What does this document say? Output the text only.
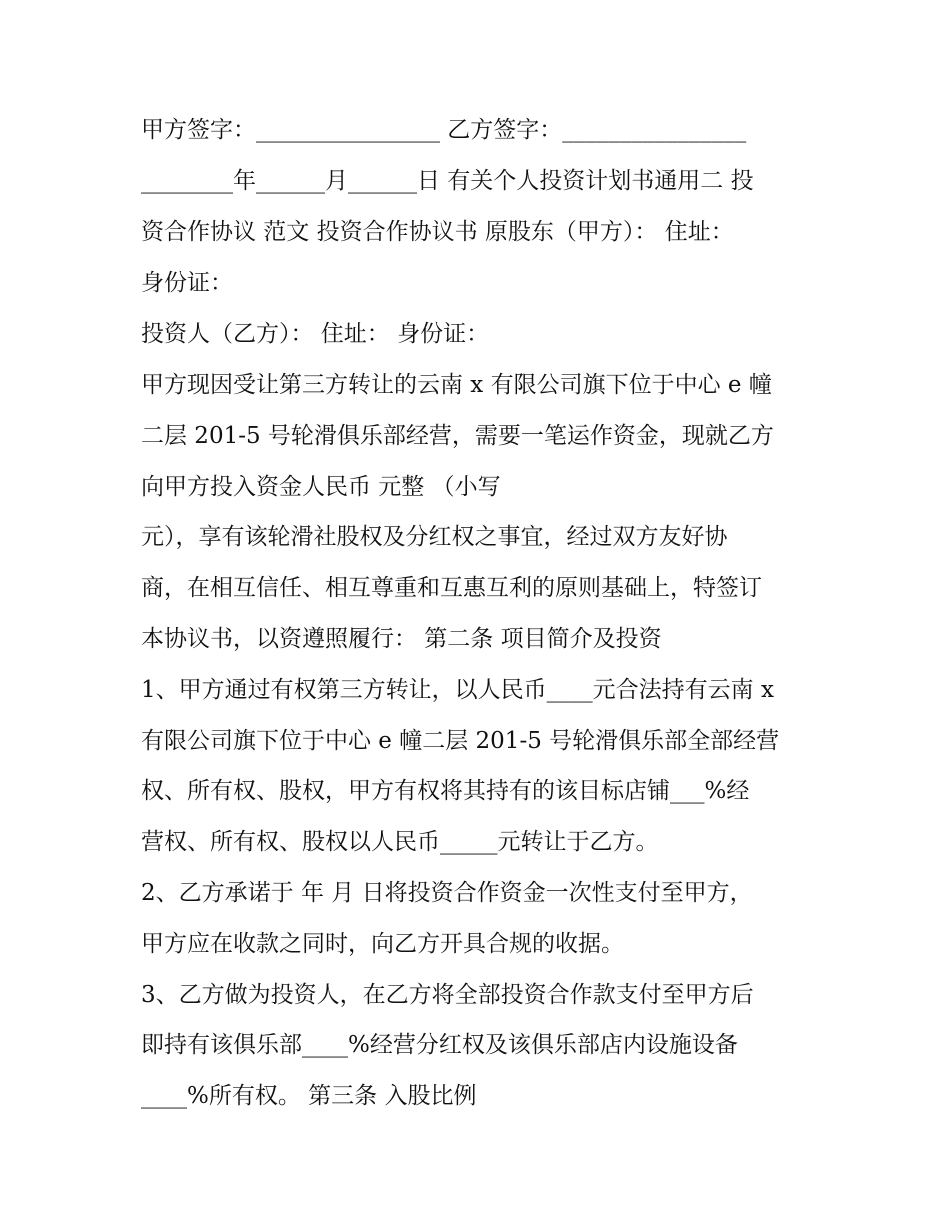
甲方签字：________________ 乙方签字：________________
________年______月______日 有关个人投资计划书通用二 投
资合作协议 范文 投资合作协议书 原股东（甲方）： 住址：
身份证：
投资人（乙方）： 住址： 身份证：
甲方现因受让第三方转让的云南 x 有限公司旗下位于中心 e 幢
二层 201-5 号轮滑俱乐部经营，需要一笔运作资金，现就乙方
向甲方投入资金人民币 元整 （小写
元），享有该轮滑社股权及分红权之事宜，经过双方友好协
商，在相互信任、相互尊重和互惠互利的原则基础上，特签订
本协议书，以资遵照履行： 第二条 项目简介及投资
1、甲方通过有权第三方转让，以人民币____元合法持有云南 x
有限公司旗下位于中心 e 幢二层 201-5 号轮滑俱乐部全部经营
权、所有权、股权，甲方有权将其持有的该目标店铺___%经
营权、所有权、股权以人民币_____元转让于乙方。
2、乙方承诺于 年 月 日将投资合作资金一次性支付至甲方，
甲方应在收款之同时，向乙方开具合规的收据。
3、乙方做为投资人，在乙方将全部投资合作款支付至甲方后
即持有该俱乐部____%经营分红权及该俱乐部店内设施设备
____%所有权。 第三条 入股比例
